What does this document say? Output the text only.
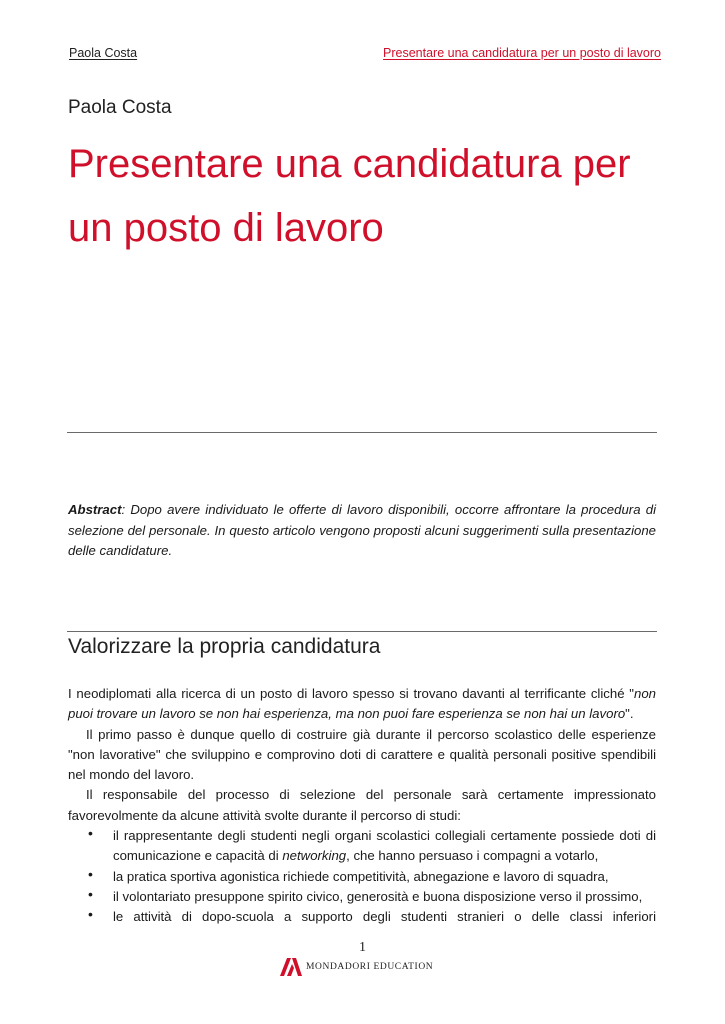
Paola Costa	Presentare una candidatura per un posto di lavoro
Paola Costa
Presentare una candidatura per
un posto di lavoro

Abstract: Dopo avere individuato le offerte di lavoro disponibili, occorre affrontare la procedura di selezione del personale. In questo articolo vengono proposti alcuni suggerimenti sulla presentazione delle candidature.

Valorizzare la propria candidatura

I neodiplomati alla ricerca di un posto di lavoro spesso si trovano davanti al terrificante cliché "non puoi trovare un lavoro se non hai esperienza, ma non puoi fare esperienza se non hai un lavoro".

Il primo passo è dunque quello di costruire già durante il percorso scolastico delle esperienze "non lavorative" che sviluppino e comprovino doti di carattere e qualità personali positive spendibili nel mondo del lavoro.

Il responsabile del processo di selezione del personale sarà certamente impressionato favorevolmente da alcune attività svolte durante il percorso di studi:

• il rappresentante degli studenti negli organi scolastici collegiali certamente possiede doti di comunicazione e capacità di networking, che hanno persuaso i compagni a votarlo,
• la pratica sportiva agonistica richiede competitività, abnegazione e lavoro di squadra,
• il volontariato presuppone spirito civico, generosità e buona disposizione verso il prossimo,
• le attività di dopo-scuola a supporto degli studenti stranieri o delle classi inferiori
1
MONDADORI EDUCATION
